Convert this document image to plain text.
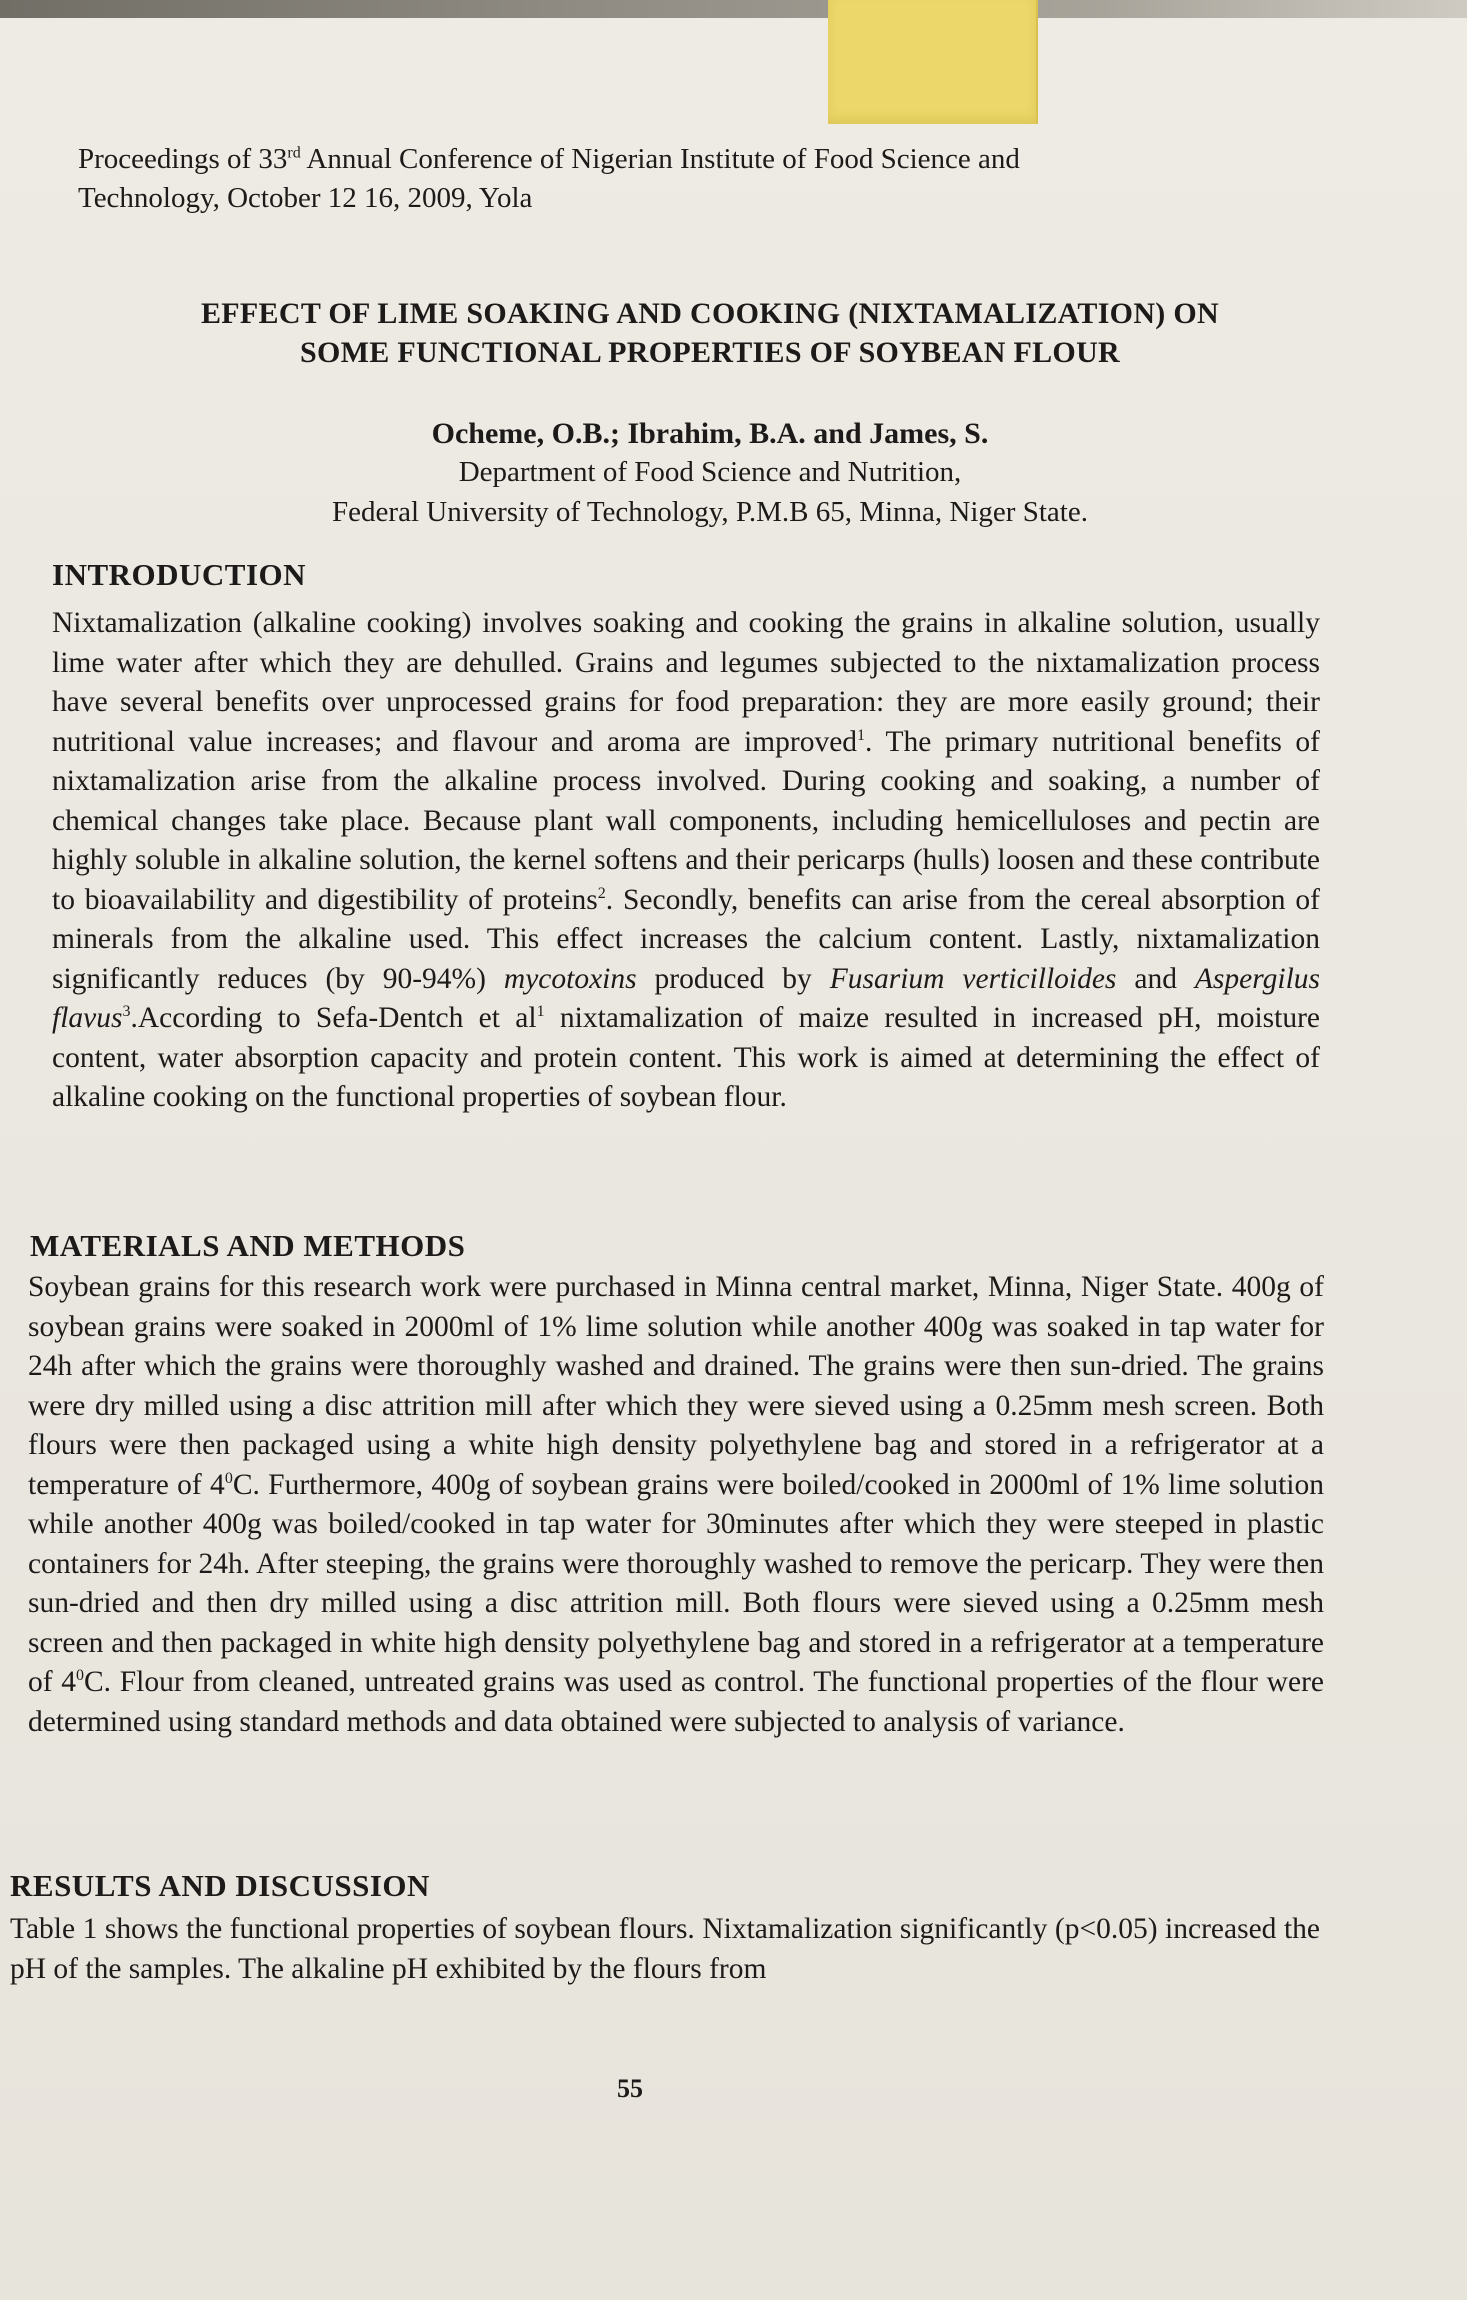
Proceedings of 33rd Annual Conference of Nigerian Institute of Food Science and
Technology, October 12 16, 2009, Yola
EFFECT OF LIME SOAKING AND COOKING (NIXTAMALIZATION) ON
SOME FUNCTIONAL PROPERTIES OF SOYBEAN FLOUR
Ocheme, O.B.; Ibrahim, B.A. and James, S.
Department of Food Science and Nutrition,
Federal University of Technology, P.M.B 65, Minna, Niger State.
INTRODUCTION
Nixtamalization (alkaline cooking) involves soaking and cooking the grains in alkaline solution, usually lime water after which they are dehulled. Grains and legumes subjected to the nixtamalization process have several benefits over unprocessed grains for food preparation: they are more easily ground; their nutritional value increases; and flavour and aroma are improved$^1$. The primary nutritional benefits of nixtamalization arise from the alkaline process involved. During cooking and soaking, a number of chemical changes take place. Because plant wall components, including hemicelluloses and pectin are highly soluble in alkaline solution, the kernel softens and their pericarps (hulls) loosen and these contribute to bioavailability and digestibility of proteins$^2$. Secondly, benefits can arise from the cereal absorption of minerals from the alkaline used. This effect increases the calcium content. Lastly, nixtamalization significantly reduces (by 90-94%) mycotoxins produced by Fusarium verticilloides and Aspergilus flavus$^3$.According to Sefa-Dentch et $al^1$ nixtamalization of maize resulted in increased pH, moisture content, water absorption capacity and protein content. This work is aimed at determining the effect of alkaline cooking on the functional properties of soybean flour.
MATERIALS AND METHODS
Soybean grains for this research work were purchased in Minna central market, Minna, Niger State. 400g of soybean grains were soaked in 2000ml of 1% lime solution while another 400g was soaked in tap water for 24h after which the grains were thoroughly washed and drained. The grains were then sun-dried. The grains were dry milled using a disc attrition mill after which they were sieved using a 0.25mm mesh screen. Both flours were then packaged using a white high density polyethylene bag and stored in a refrigerator at a temperature of $4^0C$. Furthermore, 400g of soybean grains were boiled/cooked in 2000ml of 1% lime solution while another 400g was boiled/cooked in tap water for 30minutes after which they were steeped in plastic containers for 24h. After steeping, the grains were thoroughly washed to remove the pericarp. They were then sun-dried and then dry milled using a disc attrition mill. Both flours were sieved using a 0.25mm mesh screen and then packaged in white high density polyethylene bag and stored in a refrigerator at a temperature of $4^0C$. Flour from cleaned, untreated grains was used as control. The functional properties of the flour were determined using standard methods and data obtained were subjected to analysis of variance.
RESULTS AND DISCUSSION
Table 1 shows the functional properties of soybean flours. Nixtamalization significantly (p<0.05) increased the pH of the samples. The alkaline pH exhibited by the flours from
55
